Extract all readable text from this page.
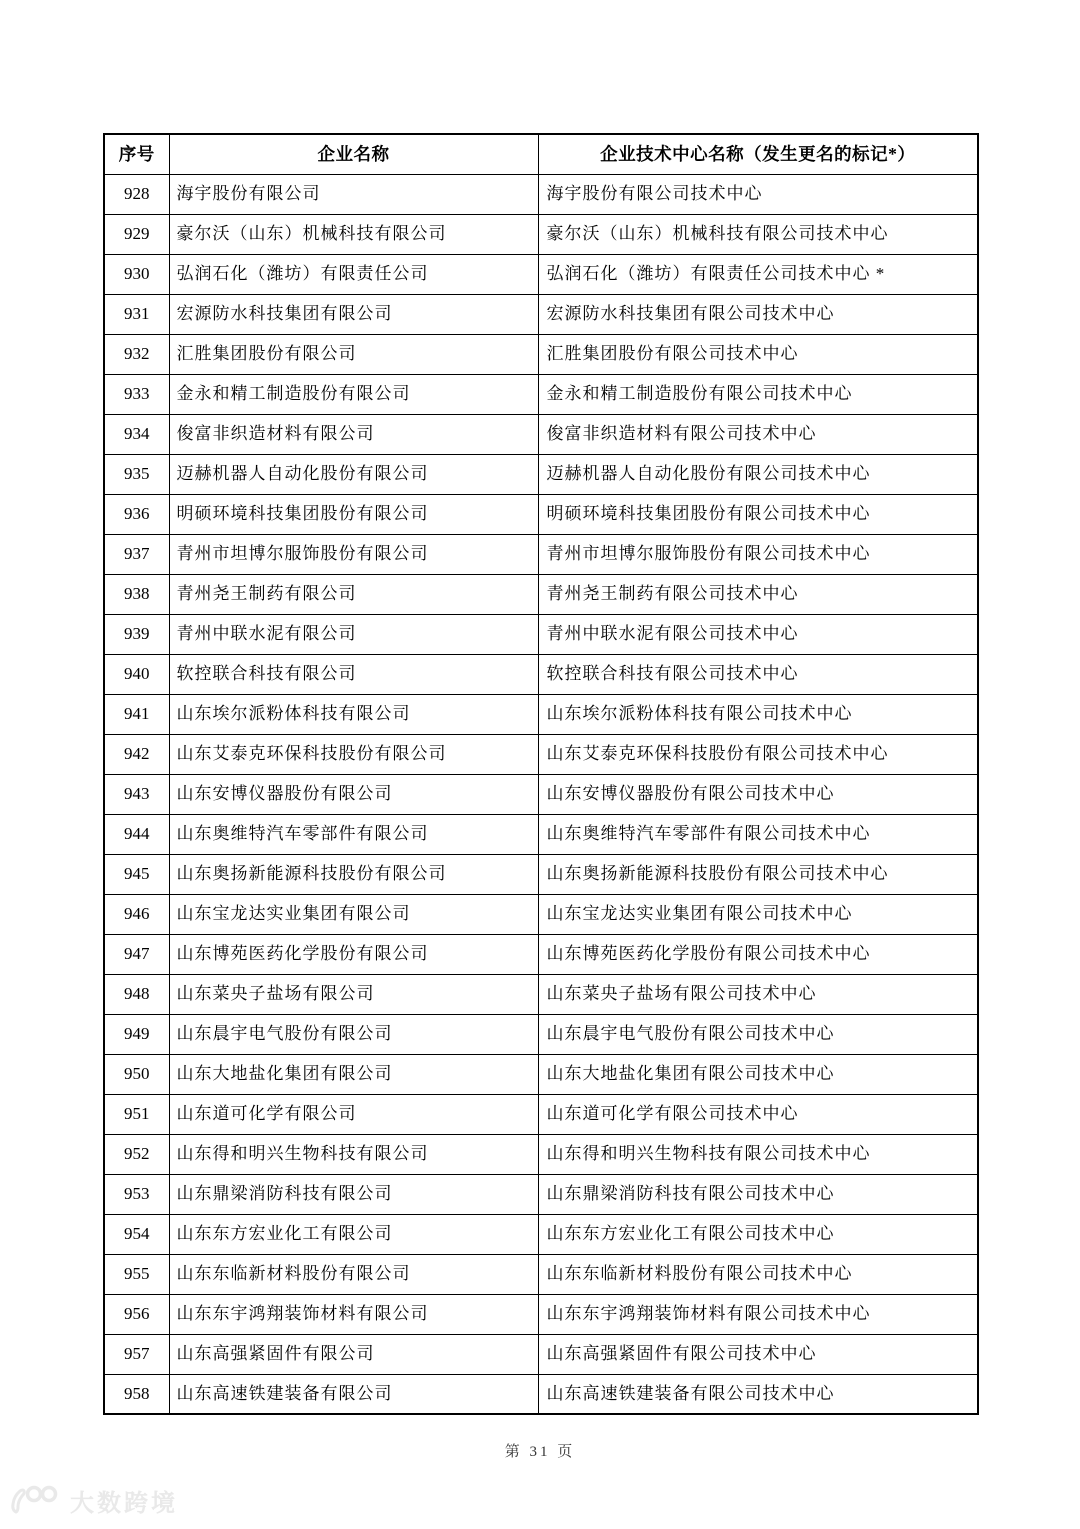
序号	企业名称	企业技术中心名称（发生更名的标记*）
928	海宇股份有限公司	海宇股份有限公司技术中心
929	豪尔沃（山东）机械科技有限公司	豪尔沃（山东）机械科技有限公司技术中心
930	弘润石化（潍坊）有限责任公司	弘润石化（潍坊）有限责任公司技术中心 *
931	宏源防水科技集团有限公司	宏源防水科技集团有限公司技术中心
932	汇胜集团股份有限公司	汇胜集团股份有限公司技术中心
933	金永和精工制造股份有限公司	金永和精工制造股份有限公司技术中心
934	俊富非织造材料有限公司	俊富非织造材料有限公司技术中心
935	迈赫机器人自动化股份有限公司	迈赫机器人自动化股份有限公司技术中心
936	明硕环境科技集团股份有限公司	明硕环境科技集团股份有限公司技术中心
937	青州市坦博尔服饰股份有限公司	青州市坦博尔服饰股份有限公司技术中心
938	青州尧王制药有限公司	青州尧王制药有限公司技术中心
939	青州中联水泥有限公司	青州中联水泥有限公司技术中心
940	软控联合科技有限公司	软控联合科技有限公司技术中心
941	山东埃尔派粉体科技有限公司	山东埃尔派粉体科技有限公司技术中心
942	山东艾泰克环保科技股份有限公司	山东艾泰克环保科技股份有限公司技术中心
943	山东安博仪器股份有限公司	山东安博仪器股份有限公司技术中心
944	山东奥维特汽车零部件有限公司	山东奥维特汽车零部件有限公司技术中心
945	山东奥扬新能源科技股份有限公司	山东奥扬新能源科技股份有限公司技术中心
946	山东宝龙达实业集团有限公司	山东宝龙达实业集团有限公司技术中心
947	山东博苑医药化学股份有限公司	山东博苑医药化学股份有限公司技术中心
948	山东菜央子盐场有限公司	山东菜央子盐场有限公司技术中心
949	山东晨宇电气股份有限公司	山东晨宇电气股份有限公司技术中心
950	山东大地盐化集团有限公司	山东大地盐化集团有限公司技术中心
951	山东道可化学有限公司	山东道可化学有限公司技术中心
952	山东得和明兴生物科技有限公司	山东得和明兴生物科技有限公司技术中心
953	山东鼎梁消防科技有限公司	山东鼎梁消防科技有限公司技术中心
954	山东东方宏业化工有限公司	山东东方宏业化工有限公司技术中心
955	山东东临新材料股份有限公司	山东东临新材料股份有限公司技术中心
956	山东东宇鸿翔装饰材料有限公司	山东东宇鸿翔装饰材料有限公司技术中心
957	山东高强紧固件有限公司	山东高强紧固件有限公司技术中心
958	山东高速铁建装备有限公司	山东高速铁建装备有限公司技术中心
第 31 页
大数跨境
